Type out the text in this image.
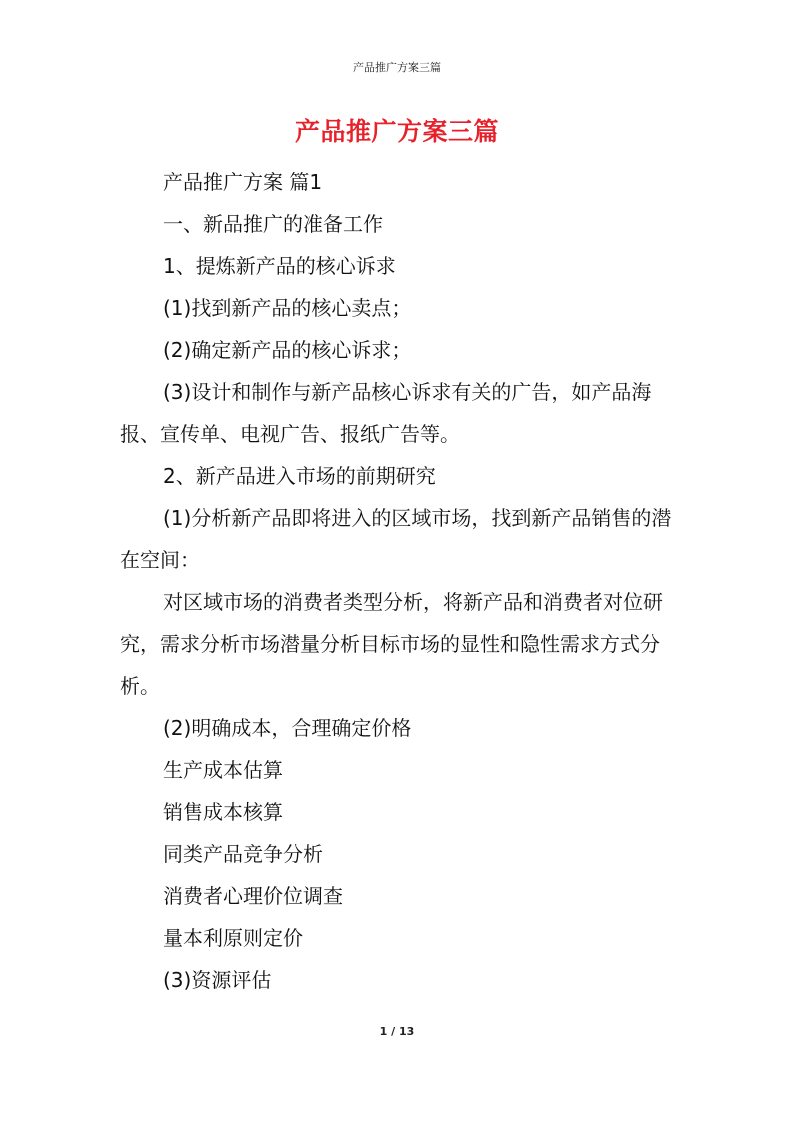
产品推广方案三篇
产品推广方案三篇

产品推广方案 篇1

一、新品推广的准备工作

1、提炼新产品的核心诉求

(1)找到新产品的核心卖点；

(2)确定新产品的核心诉求；

(3)设计和制作与新产品核心诉求有关的广告，如产品海报、宣传单、电视广告、报纸广告等。

2、新产品进入市场的前期研究

(1)分析新产品即将进入的区域市场，找到新产品销售的潜在空间：

对区域市场的消费者类型分析，将新产品和消费者对位研究，需求分析市场潜量分析目标市场的显性和隐性需求方式分析。

(2)明确成本，合理确定价格

生产成本估算

销售成本核算

同类产品竞争分析

消费者心理价位调查

量本利原则定价

(3)资源评估

1 / 13
